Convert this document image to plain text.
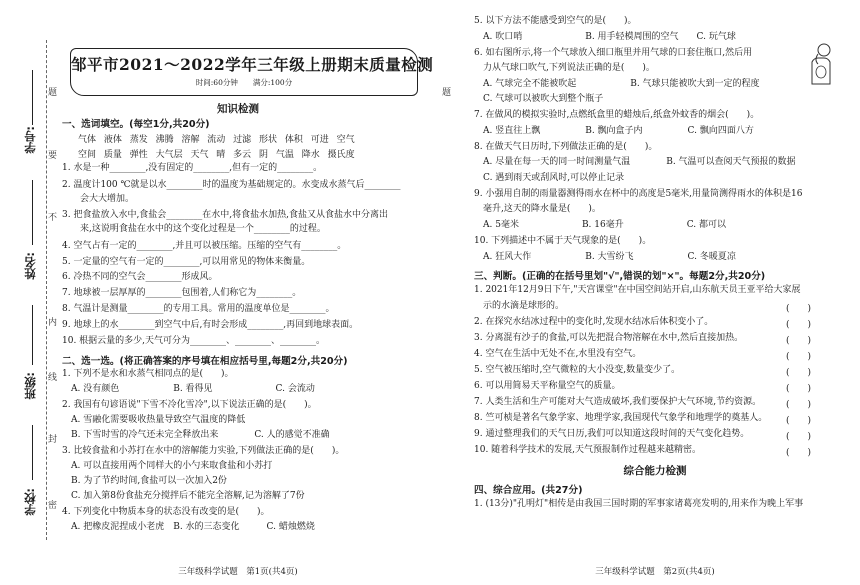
学号:
姓名:
班级:
学校:
题
要
不
内
线
封
密
邹平市2021～2022学年三年级上册期末质量检测
时间:60分钟　　满分:100分
知识检测
一、选词填空。(每空1分,共20分)
气体 液体 蒸发 沸腾 溶解 流动 过滤 形状 体积 可进 空气
空间 质量 弹性 大气层 天气 晴 多云 阴 气温 降水 摄氏度
1. 水是一种________,没有固定的________,但有一定的________。
2. 温度计100 ℃就是以水________时的温度为基础规定的。水变成水蒸气后________
　　会大大增加。
3. 把食盐放入水中,食盐会________在水中,将食盐水加热,食盐又从食盐水中分离出
　　来,这说明食盐在水中的这个变化过程是一个________的过程。
4. 空气占有一定的________,并且可以被压缩。压缩的空气有________。
5. 一定量的空气有一定的________,可以用常见的物体来衡量。
6. 冷热不同的空气会________形成风。
7. 地球被一层厚厚的________包围着,人们称它为________。
8. 气温计是测量________的专用工具。常用的温度单位是________。
9. 地球上的水________到空气中后,有时会形成________,再回到地球表面。
10. 根据云量的多少,天气可分为________、________、________。
二、选一选。(将正确答案的序号填在相应括号里,每题2分,共20分)
1. 下列不是水和水蒸气相同点的是(　　)。
　A. 没有颜色　　　　　　B. 看得见　　　　　　　C. 会流动
2. 我国有句谚语说"下雪不冷化雪冷",以下说法正确的是(　　)。
　A. 雪融化需要吸收热量导致空气温度的降低
　B. 下雪时雪的冷气还未完全释放出来　　　　C. 人的感觉不准确
3. 比较食盐和小苏打在水中的溶解能力实验,下列做法正确的是(　　)。
　A. 可以直接用两个同样大的小勺来取食盐和小苏打
　B. 为了节约时间,食盐可以一次加入2份
　C. 加入第8份食盐充分搅拌后不能完全溶解,记为溶解了7份
4. 下列变化中物质本身的状态没有改变的是(　　)。
　A. 把橡皮泥捏成小老虎　B. 水的三态变化　　　C. 蜡烛燃烧
三年级科学试题　第1页(共4页)
5. 以下方法不能感受到空气的是(　　)。
　A. 吹口哨　　　　　　　B. 用手轻模周围的空气　　C. 玩气球
6. 如右图所示,将一个气球放入细口瓶里并用气球的口套住瓶口,然后用
　力从气球口吹气,下列说法正确的是(　　)。
　A. 气球完全不能被吹起　　　　　　B. 气球只能被吹大到一定的程度
　C. 气球可以被吹大到整个瓶子
7. 在做风的模拟实验时,点燃纸盒里的蜡烛后,纸盒外蚊香的烟会(　　)。
　A. 竖直往上飘　　　　　B. 飘向盒子内　　　　　C. 飘向四面八方
8. 在做天气日历时,下列做法正确的是(　　)。
　A. 尽量在每一天的同一时间测量气温　　　　B. 气温可以查阅天气预报的数据
　C. 遇到雨天或刮风时,可以停止记录
9. 小强用自制的雨量器测得雨水在杯中的高度是5毫米,用量筒测得雨水的体积是16
　毫升,这天的降水量是(　　)。
　A. 5毫米　　　　　　　B. 16毫升　　　　　　　C. 都可以
10. 下列描述中不属于天气现象的是(　　)。
　A. 狂风大作　　　　　　B. 大雪纷飞　　　　　　C. 冬暖夏凉
三、判断。(正确的在括号里划"√",错误的划"×"。每题2分,共20分)
1. 2021年12月9日下午,"天宫课堂"在中国空间站开启,山东航天员王亚平给大家展
　示的水滴是球形的。	(　　)
2. 在探究水结冰过程中的变化时,发现水结冰后体积变小了。	(　　)
3. 分离混有沙子的食盐,可以先把混合物溶解在水中,然后直接加热。	(　　)
4. 空气在生活中无处不在,水里没有空气。	(　　)
5. 空气被压缩时,空气微粒的大小没变,数量变少了。	(　　)
6. 可以用简易天平称量空气的质量。	(　　)
7. 人类生活和生产可能对大气造成破坏,我们要保护大气环境,节约资源。	(　　)
8. 竺可桢是著名气象学家、地理学家,我国现代气象学和地理学的奠基人。 (　　)
9. 通过整理我们的天气日历,我们可以知道这段时间的天气变化趋势。	(　　)
10. 随着科学技术的发展,天气预报制作过程越来越精密。	(　　)
综合能力检测
四、综合应用。(共27分)
1. (13分)"孔明灯"相传是由我国三国时期的军事家诸葛亮发明的,用来作为晚上军事
三年级科学试题　第2页(共4页)
题
